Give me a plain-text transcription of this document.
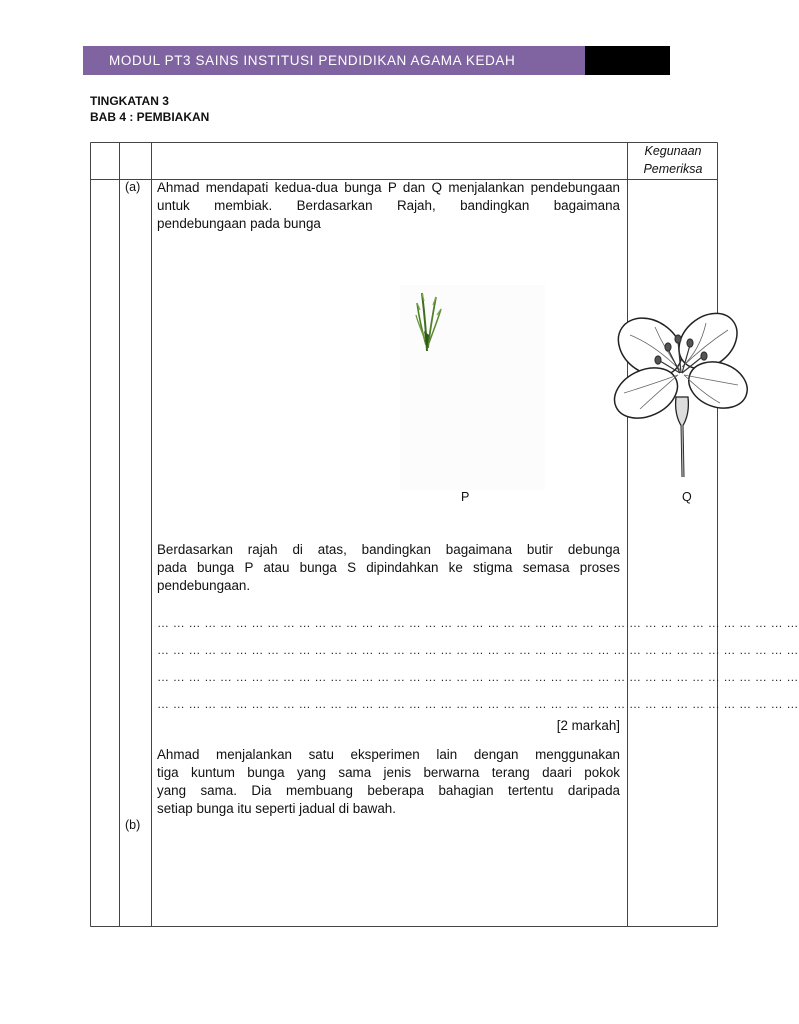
MODUL PT3 SAINS INSTITUSI PENDIDIKAN AGAMA KEDAH
TINGKATAN 3
BAB 4 : PEMBIAKAN
Kegunaan
Pemeriksa
(a) Ahmad mendapati kedua-dua bunga P dan Q menjalankan pendebungaan
untuk membiak. Berdasarkan Rajah, bandingkan bagaimana
pendebungaan pada bunga
P	Q
Berdasarkan rajah di atas, bandingkan bagaimana butir debunga
pada bunga P atau bunga S dipindahkan ke stigma semasa proses
pendebungaan.
… … … … … … … … … … … … … … … … … … … … … … … … … … … … … … … … … … … … … … … … …
… … … … … … … … … … … … … … … … … … … … … … … … … … … … … … … … … … … … … … … … …
… … … … … … … … … … … … … … … … … … … … … … … … … … … … … … … … … … … … … … … … …
… … … … … … … … … … … … … … … … … … … … … … … … … … … … … … … … … … … … … … … … …
[2 markah]
Ahmad menjalankan satu eksperimen lain dengan menggunakan
tiga kuntum bunga yang sama jenis berwarna terang daari pokok
yang sama. Dia membuang beberapa bahagian tertentu daripada
setiap bunga itu seperti jadual di bawah.
(b)
